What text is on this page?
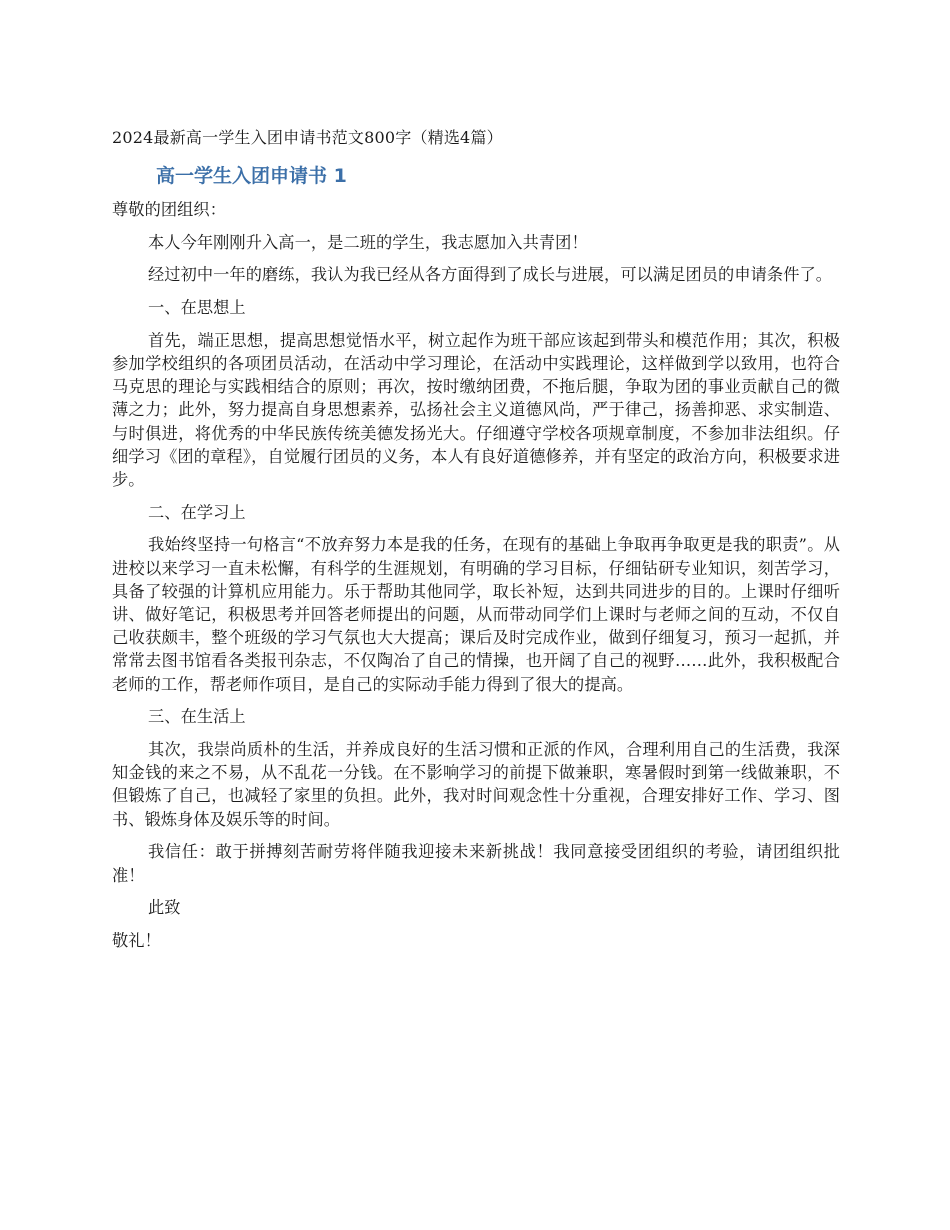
2024最新高一学生入团申请书范文800字（精选4篇）
高一学生入团申请书 1
尊敬的团组织：
本人今年刚刚升入高一，是二班的学生，我志愿加入共青团！
经过初中一年的磨练，我认为我已经从各方面得到了成长与进展，可以满足团员的申请条件了。
一、在思想上
首先，端正思想，提高思想觉悟水平，树立起作为班干部应该起到带头和模范作用；其次，积极参加学校组织的各项团员活动，在活动中学习理论，在活动中实践理论，这样做到学以致用，也符合马克思的理论与实践相结合的原则；再次，按时缴纳团费，不拖后腿，争取为团的事业贡献自己的微薄之力；此外，努力提高自身思想素养，弘扬社会主义道德风尚，严于律己，扬善抑恶、求实制造、与时俱进，将优秀的中华民族传统美德发扬光大。仔细遵守学校各项规章制度，不参加非法组织。仔细学习《团的章程》，自觉履行团员的义务，本人有良好道德修养，并有坚定的政治方向，积极要求进步。
二、在学习上
我始终坚持一句格言“不放弃努力本是我的任务，在现有的基础上争取再争取更是我的职责”。从进校以来学习一直未松懈，有科学的生涯规划，有明确的学习目标，仔细钻研专业知识，刻苦学习，具备了较强的计算机应用能力。乐于帮助其他同学，取长补短，达到共同进步的目的。上课时仔细听讲、做好笔记，积极思考并回答老师提出的问题，从而带动同学们上课时与老师之间的互动，不仅自己收获颇丰，整个班级的学习气氛也大大提高；课后及时完成作业，做到仔细复习，预习一起抓，并常常去图书馆看各类报刊杂志，不仅陶冶了自己的情操，也开阔了自己的视野……此外，我积极配合老师的工作，帮老师作项目，是自己的实际动手能力得到了很大的提高。
三、在生活上
其次，我崇尚质朴的生活，并养成良好的生活习惯和正派的作风，合理利用自己的生活费，我深知金钱的来之不易，从不乱花一分钱。在不影响学习的前提下做兼职，寒暑假时到第一线做兼职，不但锻炼了自己，也减轻了家里的负担。此外，我对时间观念性十分重视，合理安排好工作、学习、图书、锻炼身体及娱乐等的时间。
我信任：敢于拼搏刻苦耐劳将伴随我迎接未来新挑战！我同意接受团组织的考验，请团组织批准！
此致
敬礼！
